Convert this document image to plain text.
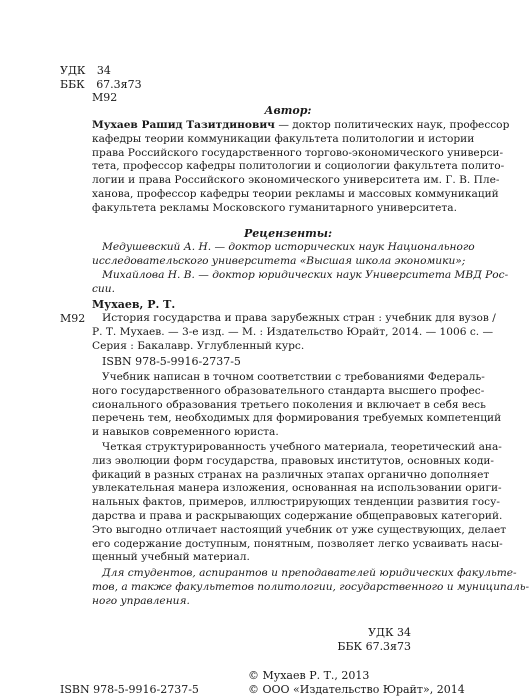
УДК 34
ББК 67.3я73
М92
Автор:
Мухаев Рашид Тазитдинович — доктор политических наук, профессор
кафедры теории коммуникации факультета политологии и истории
права Российского государственного торгово-экономического универси-
тета, профессор кафедры политологии и социологии факультета полито-
логии и права Российского экономического университета им. Г. В. Пле-
ханова, профессор кафедры теории рекламы и массовых коммуникаций
факультета рекламы Московского гуманитарного университета.
Рецензенты:
Медушевский А. Н. — доктор исторических наук Национального
исследовательского университета «Высшая школа экономики»;
Михайлова Н. В. — доктор юридических наук Университета МВД Рос-
сии.
Мухаев, Р. Т.
М92 История государства и права зарубежных стран : учебник для вузов /
Р. Т. Мухаев. — 3-е изд. — М. : Издательство Юрайт, 2014. — 1006 с. —
Серия : Бакалавр. Углубленный курс.
ISBN 978-5-9916-2737-5
Учебник написан в точном соответствии с требованиями Федераль-
ного государственного образовательного стандарта высшего профес-
сионального образования третьего поколения и включает в себя весь
перечень тем, необходимых для формирования требуемых компетенций
и навыков современного юриста.
Четкая структурированность учебного материала, теоретический ана-
лиз эволюции форм государства, правовых институтов, основных коди-
фикаций в разных странах на различных этапах органично дополняет
увлекательная манера изложения, основанная на использовании ориги-
нальных фактов, примеров, иллюстрирующих тенденции развития госу-
дарства и права и раскрывающих содержание общеправовых категорий.
Это выгодно отличает настоящий учебник от уже существующих, делает
его содержание доступным, понятным, позволяет легко усваивать насы-
щенный учебный материал.
Для студентов, аспирантов и преподавателей юридических факульте-
тов, а также факультетов политологии, государственного и муниципаль-
ного управления.
УДК 34
ББК 67.3я73
ISBN 978-5-9916-2737-5
© Мухаев Р. Т., 2013
© ООО «Издательство Юрайт», 2014
